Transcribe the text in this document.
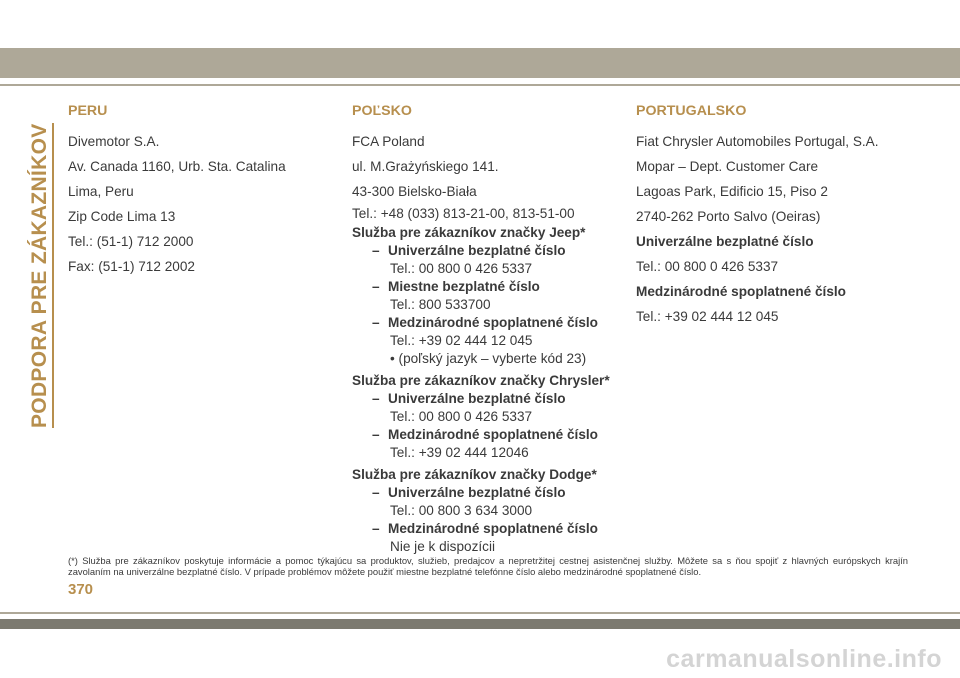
PODPORA PRE ZÁKAZNÍKOV
PERU
Divemotor S.A.
Av. Canada 1160, Urb. Sta. Catalina
Lima, Peru
Zip Code Lima 13
Tel.: (51-1) 712 2000
Fax: (51-1) 712 2002
POĽSKO
FCA Poland
ul. M.Grażyńskiego 141.
43-300 Bielsko-Biała
Tel.: +48 (033) 813-21-00, 813-51-00
Služba pre zákazníkov značky Jeep*
– Univerzálne bezplatné číslo
Tel.: 00 800 0 426 5337
– Miestne bezplatné číslo
Tel.: 800 533700
– Medzinárodné spoplatnené číslo
Tel.: +39 02 444 12 045
• (poľský jazyk – vyberte kód 23)
Služba pre zákazníkov značky Chrysler*
– Univerzálne bezplatné číslo
Tel.: 00 800 0 426 5337
– Medzinárodné spoplatnené číslo
Tel.: +39 02 444 12046
Služba pre zákazníkov značky Dodge*
– Univerzálne bezplatné číslo
Tel.: 00 800 3 634 3000
– Medzinárodné spoplatnené číslo
Nie je k dispozícii
PORTUGALSKO
Fiat Chrysler Automobiles Portugal, S.A.
Mopar – Dept. Customer Care
Lagoas Park, Edificio 15, Piso 2
2740-262 Porto Salvo (Oeiras)
Univerzálne bezplatné číslo
Tel.: 00 800 0 426 5337
Medzinárodné spoplatnené číslo
Tel.: +39 02 444 12 045
(*) Služba pre zákazníkov poskytuje informácie a pomoc týkajúcu sa produktov, služieb, predajcov a nepretržitej cestnej asistenčnej služby. Môžete sa s ňou spojiť z hlavných európskych krajín zavolaním na univerzálne bezplatné číslo. V prípade problémov môžete použiť miestne bezplatné telefónne číslo alebo medzinárodné spoplatnené číslo.
370
carmanualsonline.info
